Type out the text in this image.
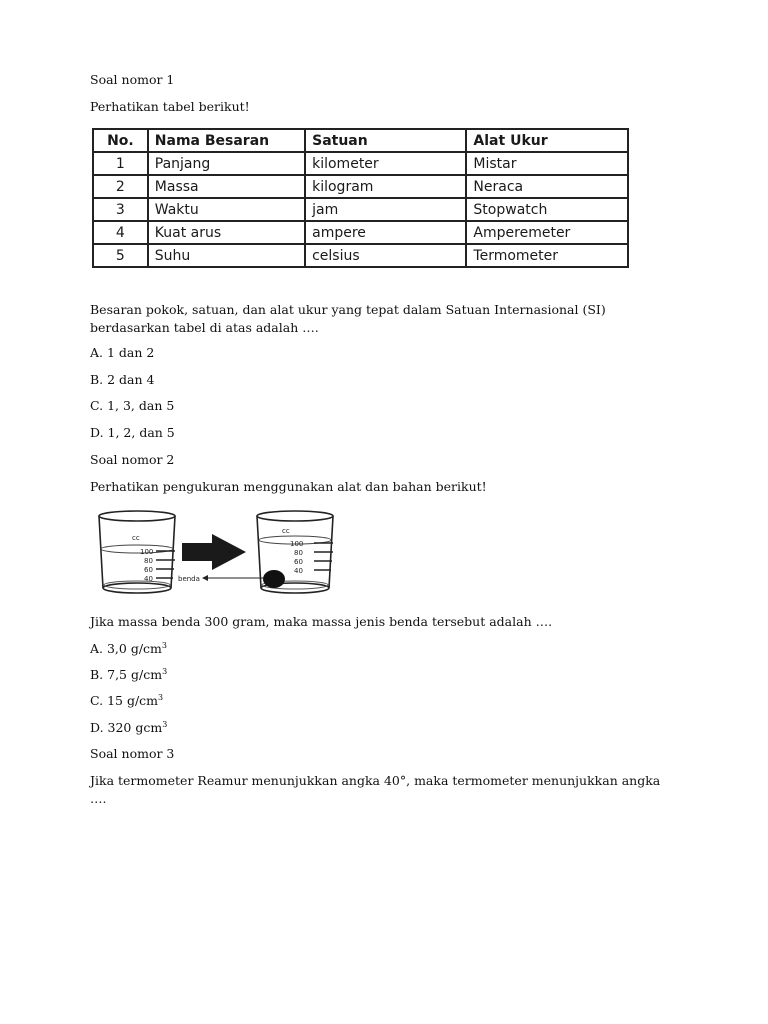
Soal nomor 1
Perhatikan tabel berikut!
No.	Nama Besaran	Satuan	Alat Ukur
1	Panjang	kilometer	Mistar
2	Massa	kilogram	Neraca
3	Waktu	jam	Stopwatch
4	Kuat arus	ampere	Amperemeter
5	Suhu	celsius	Termometer
Besaran pokok, satuan, dan alat ukur yang tepat dalam Satuan Internasional (SI)
berdasarkan tabel di atas adalah ….
A. 1 dan 2
B. 2 dan 4
C. 1, 3, dan 5
D. 1, 2, dan 5
Soal nomor 2
Perhatikan pengukuran menggunakan alat dan bahan berikut!
cc
100
80
60
40
cc
100
80
60
40
benda
Jika massa benda 300 gram, maka massa jenis benda tersebut adalah ….
A. 3,0 $g/cm^3$
B. 7,5 $g/cm^3$
C. 15 $g/cm^3$
D. 320 gcm$^3$
Soal nomor 3
Jika termometer Reamur menunjukkan angka 40°, maka termometer menunjukkan angka
….
